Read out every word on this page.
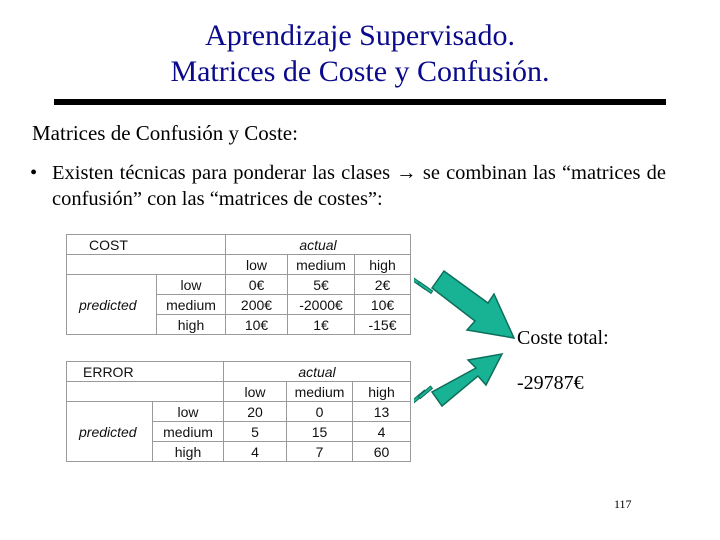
Aprendizaje Supervisado.
Matrices de Coste y Confusión.
Matrices de Confusión y Coste:
• Existen técnicas para ponderar las clases → se combinan las “matrices de confusión” con las “matrices de costes”:
COST		actual		
		low	medium	high
predicted	low	0€	5€	2€
	medium	200€	-2000€	10€
	high	10€	1€	-15€
ERROR		actual		
		low	medium	high
predicted	low	20	0	13
	medium	5	15	4
	high	4	7	60
Coste total:
-29787€
117
